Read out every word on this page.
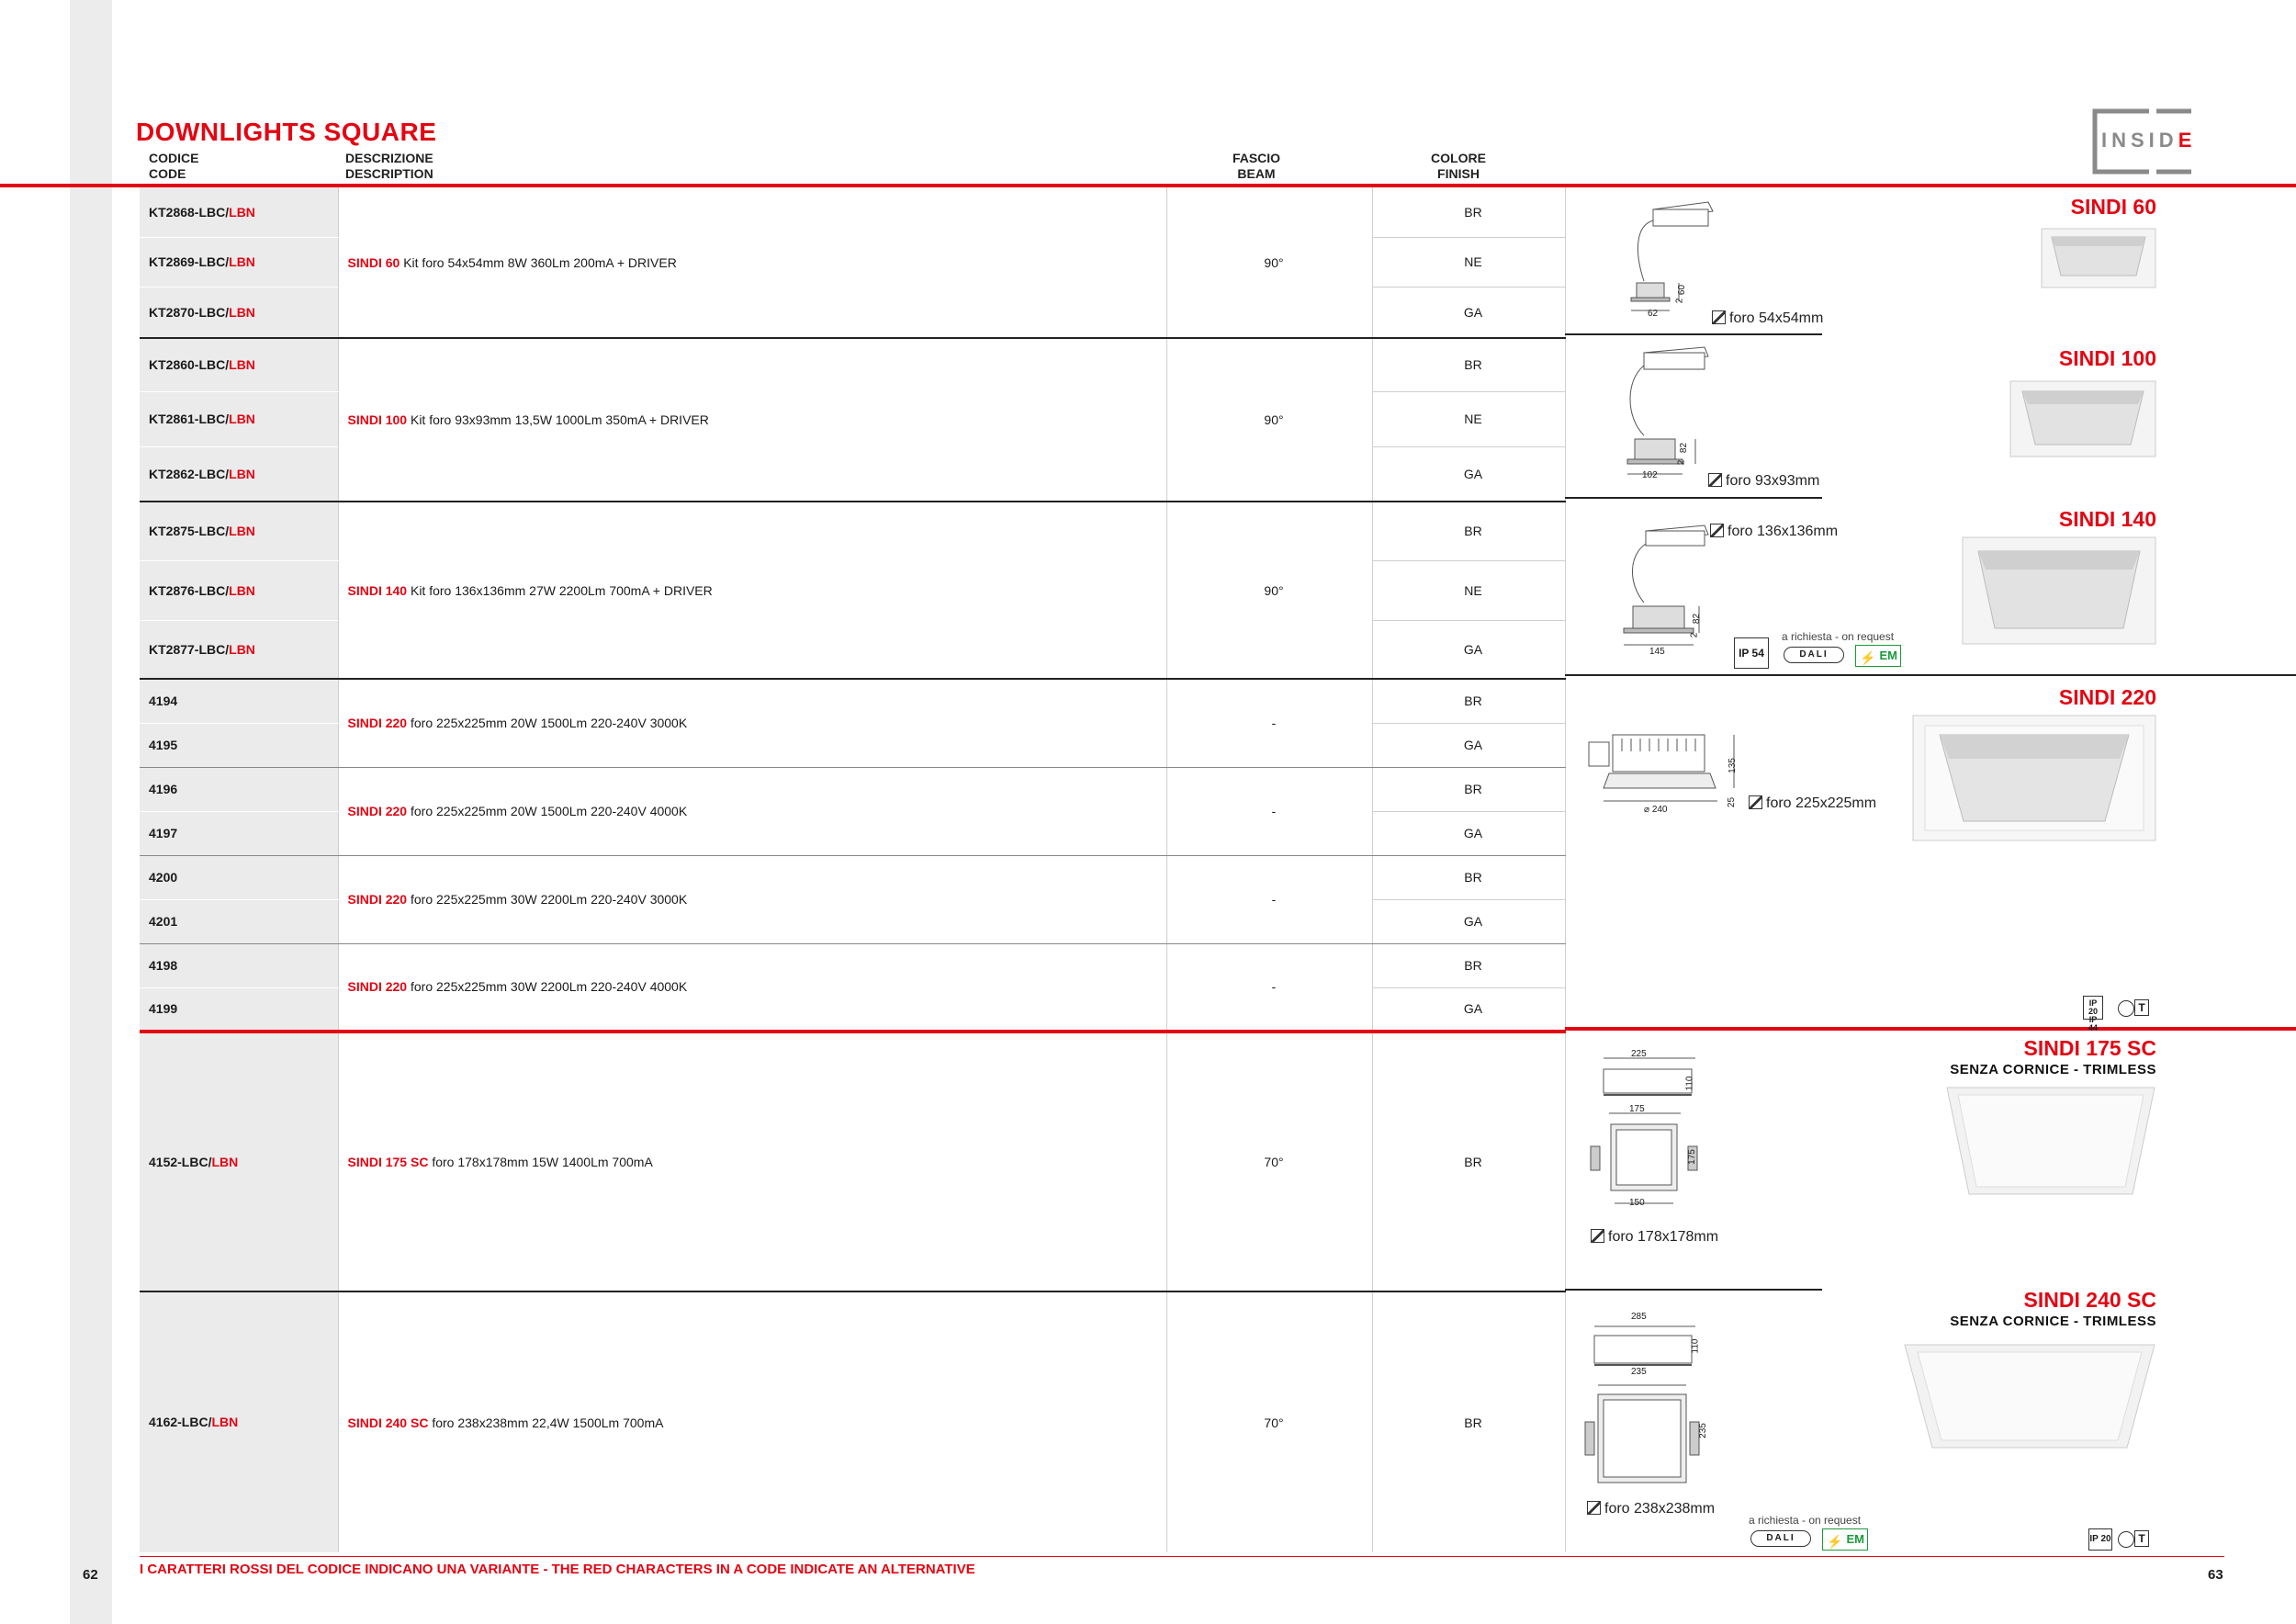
DOWNLIGHTS SQUARE
CODICE
CODE
DESCRIZIONE
DESCRIPTION
FASCIO
BEAM
COLORE
FINISH
INSIDE
KT2868-LBC/LBN	SINDI 60 Kit foro 54x54mm 8W 360Lm 200mA + DRIVER	90°	BR
KT2869-LBC/LBN			NE
KT2870-LBC/LBN			GA
KT2860-LBC/LBN	SINDI 100 Kit foro 93x93mm 13,5W 1000Lm 350mA + DRIVER	90°	BR
KT2861-LBC/LBN			NE
KT2862-LBC/LBN			GA
KT2875-LBC/LBN	SINDI 140 Kit foro 136x136mm 27W 2200Lm 700mA + DRIVER	90°	BR
KT2876-LBC/LBN			NE
KT2877-LBC/LBN			GA
4194	SINDI 220 foro 225x225mm 20W 1500Lm 220-240V 3000K	-	BR
4195			GA
4196	SINDI 220 foro 225x225mm 20W 1500Lm 220-240V 4000K	-	BR
4197			GA
4200	SINDI 220 foro 225x225mm 30W 2200Lm 220-240V 3000K	-	BR
4201			GA
4198	SINDI 220 foro 225x225mm 30W 2200Lm 220-240V 4000K	-	BR
4199			GA
4152-LBC/LBN	SINDI 175 SC foro 178x178mm 15W 1400Lm 700mA	70°	BR
4162-LBC/LBN	SINDI 240 SC foro 238x238mm 22,4W 1500Lm 700mA	70°	BR
SINDI 60
62
60
2
foro 54x54mm
SINDI 100
102
82
2
foro 93x93mm
SINDI 140
foro 136x136mm
145
82
2
IP 54
a richiesta - on request
DALI	⚡ EM
SINDI 220
⌀ 240
135
25	foro 225x225mm
IP 20
IP 44
T
SINDI 175 SC
SENZA CORNICE - TRIMLESS
225
110
175
175
150
foro 178x178mm
SINDI 240 SC
SENZA CORNICE - TRIMLESS
285
110
235
235
foro 238x238mm
a richiesta - on request
DALI	⚡ EM	IP 20	T
I CARATTERI ROSSI DEL CODICE INDICANO UNA VARIANTE - THE RED CHARACTERS IN A CODE INDICATE AN ALTERNATIVE
62	63
